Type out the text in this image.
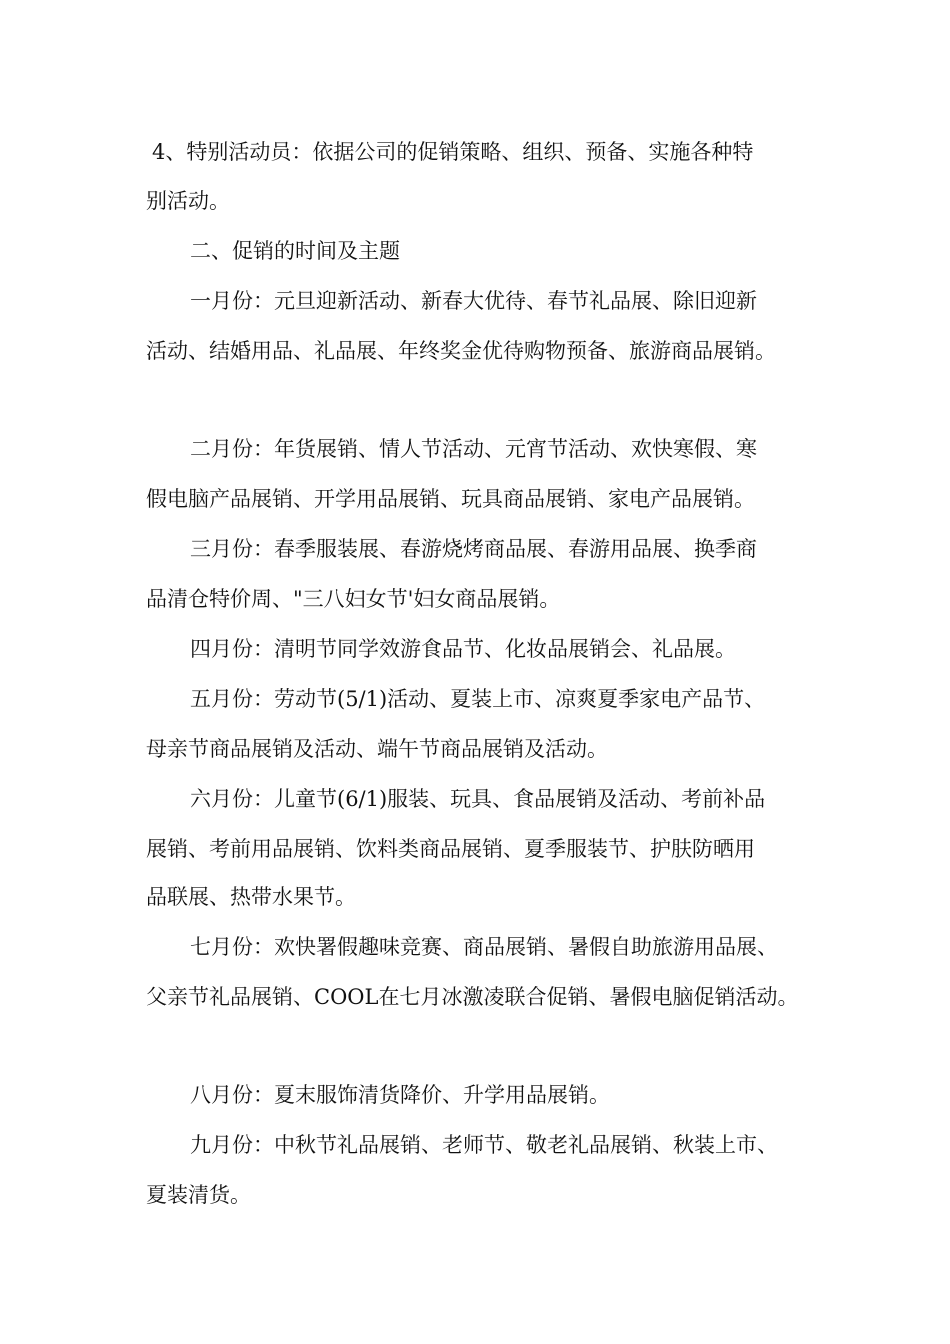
4、特别活动员：依据公司的促销策略、组织、预备、实施各种特
别活动。
二、促销的时间及主题
一月份：元旦迎新活动、新春大优待、春节礼品展、除旧迎新
活动、结婚用品、礼品展、年终奖金优待购物预备、旅游商品展销。
二月份：年货展销、情人节活动、元宵节活动、欢快寒假、寒
假电脑产品展销、开学用品展销、玩具商品展销、家电产品展销。
三月份：春季服装展、春游烧烤商品展、春游用品展、换季商
品清仓特价周、"三八妇女节'妇女商品展销。
四月份：清明节同学效游食品节、化妆品展销会、礼品展。
五月份：劳动节(5/1)活动、夏装上市、凉爽夏季家电产品节、
母亲节商品展销及活动、端午节商品展销及活动。
六月份：儿童节(6/1)服装、玩具、食品展销及活动、考前补品
展销、考前用品展销、饮料类商品展销、夏季服装节、护肤防晒用
品联展、热带水果节。
七月份：欢快署假趣味竞赛、商品展销、暑假自助旅游用品展、
父亲节礼品展销、COOL在七月冰激凌联合促销、暑假电脑促销活动。
八月份：夏末服饰清货降价、升学用品展销。
九月份：中秋节礼品展销、老师节、敬老礼品展销、秋装上市、
夏装清货。
